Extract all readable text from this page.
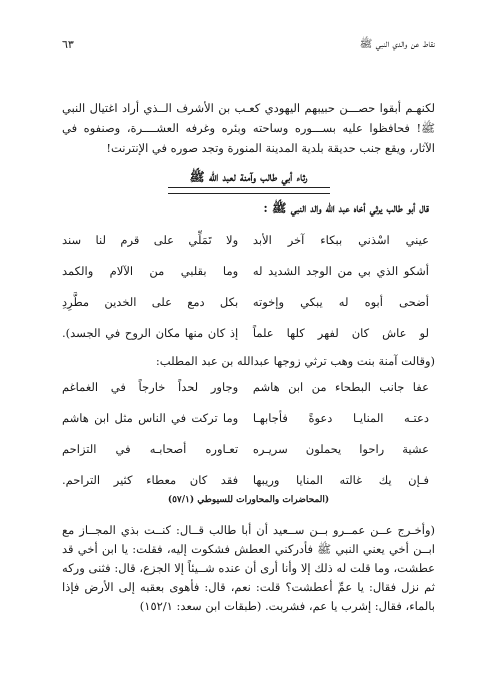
نقاط عن والدي النبي ﷺ
٦٣
لكنهـم أبقوا حصـــن حبيبهم اليهودي كعـب بن الأشرف الــذي أراد اغتيال النبي ﷺ! فحافظوا عليه بســـوره وساحته وبئره وغرفه العشــــرة، وصنفوه في الآثار، ويقع جنب حديقة بلدية المدينة المنورة وتجد صوره في الإنترنت!
رثاء أبي طالب وآمنة لعبد الله ﷺ
قال أبو طالب يرثي أخاه عبد الله والد النبي ﷺ :
عيني اسْذني ببكاء آخر الأبد
ولا تَمَلِّي على قرم لنا سند
أشكو الذي بي من الوجد الشديد له
وما بقلبي من الآلام والكمد
أضحى أبوه له يبكي وإخوته
بكل دمع على الخدين مطَّرِدِ
لو عاش كان لفهر كلها علماً
إذ كان منها مكان الروح في الجسد).
(وقالت آمنة بنت وهب ترثي زوجها عبدالله بن عبد المطلب:
عفا جانب البطحاء من ابن هاشم
وجاور لحداً خارجاً في الغماغم
دعتـه المنايـا دعوةً فأجابهـا
وما تركت في الناس مثل ابن هاشم
عشية راحوا يحملون سريـره
تعـاوره أصحابـه في التزاحم
فـإن يك غالته المنايا وريبها
فقد كان معطاء كثير التراحم.
(المحاضرات والمحاورات للسيوطي (٥٧/١)
(وأخـرج عــن عمــرو بــن ســعيد أن أبا طالب قــال: كنــت بذي المجــاز مع ابــن أخي يعني النبي ﷺ فأدركني العطش فشكوت إليه، فقلت: يا ابن أخي قد عطشت، وما قلت له ذلك إلا وأنا أرى أن عنده شــيئاً إلا الجزع، قال: فثنى وركه ثم نزل فقال: يا عمِّ أعطشت؟ قلت: نعم، قال: فأهوى بعقبه إلى الأرض فإذا بالماء، فقال: إشرب يا عم، فشربت. (طبقات ابن سعد: ١٥٢/١)
